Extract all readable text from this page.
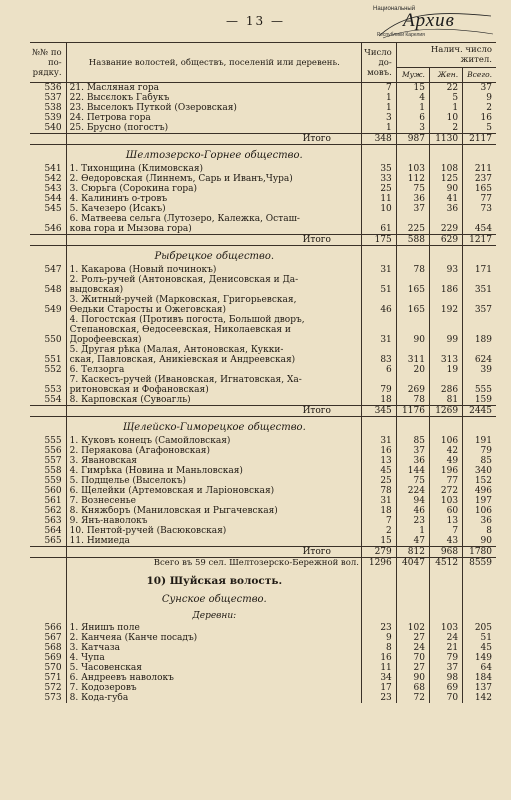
— 13 —
Национальный
Архив
Республики Карелия
№№ по по-рядку.	Название волостей, обществъ, поселеній или деревень.	Число до-мовъ.	Налич. число жител.		
			Муж.	Жен.	Всего.
536	21. Масляная гора	7	15	22	37
537	22. Высєлокъ Габукъ	1	4	5	9
538	23. Выселокъ Путкой (Озеровская)	1	1	1	2
539	24. Петрова гора	3	6	10	16
540	25. Брусно (погостъ)	1	3	2	5
	Итого	348	987	1130	2117
	Шелтозерско-Горнее общество.				
541	1. Тихонщина (Климовская)	35	103	108	211
542	2. Өедоровская (Линнемъ, Сарь и Иванъ,Чура)	33	112	125	237
543	3. Сюрьга (Сорокина гора)	25	75	90	165
544	4. Калининъ о-тровъ	11	36	41	77
545	5. Качезеро (Исакъ)	10	37	36	73
	6. Матвеева сельга (Лутозеро, Калежка, Осташ-				
546	кова гора и Мызова гора)	61	225	229	454
	Итого	175	588	629	1217
	Рыбрецкое общество.				
547	1. Какарова (Новый починокъ)	31	78	93	171
	2. Ролъ-ручей (Антоновская, Денисовская и Да-				
548	выдовская)	51	165	186	351
	3. Житный-ручей (Марковская, Григорьевская,				
549	Өедьки Старосты и Ожеговская)	46	165	192	357
	4. Погостская (Противъ погоста, Большой дворъ,				
	Степановская, Өедосеевская, Николаевская и				
550	Дорофеевская)	31	90	99	189
	5. Другая рѣка (Малая, Антоновская, Кукки-				
551	ская, Павловская, Аникіевская и Андреевская)	83	311	313	624
552	6. Телзорга	6	20	19	39
	7. Каскесъ-ручей (Ивановская, Игнатовская, Ха-				
553	ритоновская и Фофановская)	79	269	286	555
554	8. Карповская (Сувоагль)	18	78	81	159
	Итого	345	1176	1269	2445
	Щелейско-Гиморецкое общество.				
555	1. Куковъ конецъ (Самойловская)	31	85	106	191
556	2. Перяакова (Агафоновская)	16	37	42	79
557	3. Явановская	13	36	49	85
558	4. Гимрѣка (Новина и Маньловская)	45	144	196	340
559	5. Подщелье (Выселокъ)	25	75	77	152
560	6. Щелейки (Артемовская и Ларіоновская)	78	224	272	496
561	7. Вознесенье	31	94	103	197
562	8. Княжборъ (Маниловская и Рыгачевская)	18	46	60	106
563	9. Янъ-наволокъ	7	23	13	36
564	10. Пентой-ручей (Васюковская)	2	1	7	8
565	11. Нимиеда	15	47	43	90
	Итого	279	812	968	1780
	Всего въ 59 сел. Шелтозерско-Бережной вол.	1296	4047	4512	8559
	10) Шуйская волость.				
	Сунское общество.				
	Деревни:				
566	1. Янишъ поле	23	102	103	205
567	2. Канчеяа (Канче посадъ)	9	27	24	51
568	3. Катчаза	8	24	21	45
569	4. Чупа	16	70	79	149
570	5. Часовенская	11	27	37	64
571	6. Андреевъ наволокъ	34	90	98	184
572	7. Кодозеровъ	17	68	69	137
573	8. Кода-губа	23	72	70	142
